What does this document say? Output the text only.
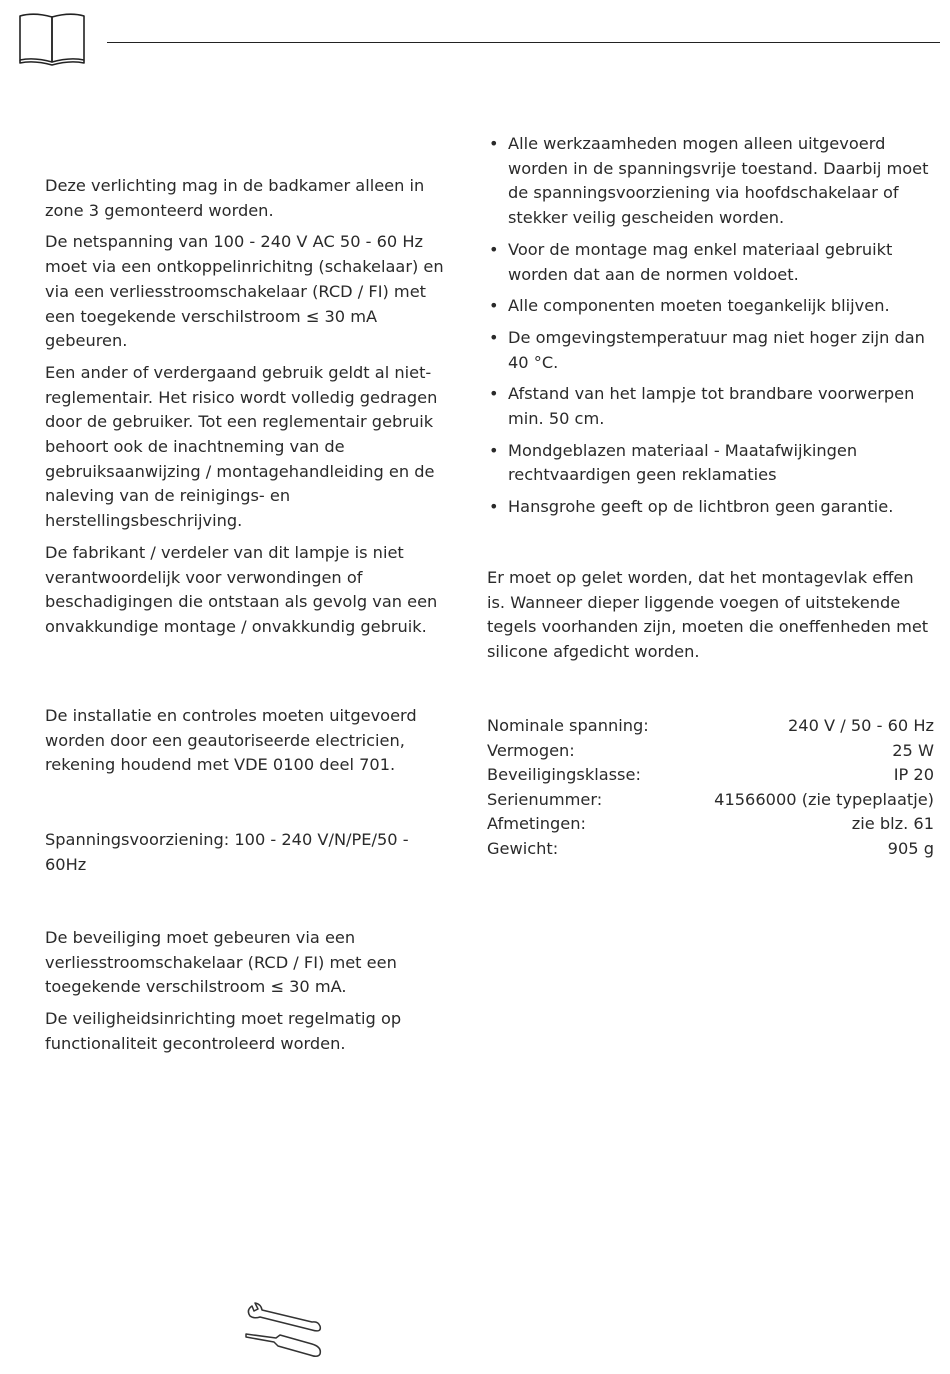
Deze verlichting mag in de badkamer alleen in zone 3 gemonteerd worden.

De netspanning van 100 - 240 V AC 50 - 60 Hz moet via een ontkoppelinrichitng (schakelaar) en via een verliesstroomschakelaar (RCD / FI) met een toegekende verschilstroom ≤ 30 mA gebeuren.

Een ander of verdergaand gebruik geldt al niet-reglementair. Het risico wordt volledig gedragen door de gebruiker. Tot een reglementair gebruik behoort ook de inachtneming van de gebruiksaanwijzing / montagehandleiding en de naleving van de reinigings- en herstellingsbeschrijving.

De fabrikant / verdeler van dit lampje is niet verantwoordelijk voor verwondingen of beschadigingen die ontstaan als gevolg van een onvakkundige montage / onvakkundig gebruik.

De installatie en controles moeten uitgevoerd worden door een geautoriseerde electricien, rekening houdend met VDE 0100 deel 701.

Spanningsvoorziening: 100 - 240 V/N/PE/50 - 60Hz

De beveiliging moet gebeuren via een verliesstroomschakelaar (RCD / FI) met een toegekende verschilstroom ≤ 30 mA.

De veiligheidsinrichting moet regelmatig op functionaliteit gecontroleerd worden.

• Alle werkzaamheden mogen alleen uitgevoerd worden in de spanningsvrije toestand. Daarbij moet de spanningsvoorziening via hoofdschakelaar of stekker veilig gescheiden worden.
• Voor de montage mag enkel materiaal gebruikt worden dat aan de normen voldoet.
• Alle componenten moeten toegankelijk blijven.
• De omgevingstemperatuur mag niet hoger zijn dan 40 °C.
• Afstand van het lampje tot brandbare voorwerpen min. 50 cm.
• Mondgeblazen materiaal - Maatafwijkingen rechtvaardigen geen reklamaties
• Hansgrohe geeft op de lichtbron geen garantie.

Er moet op gelet worden, dat het montagevlak effen is. Wanneer dieper liggende voegen of uitstekende tegels voorhanden zijn, moeten die oneffenheden met silicone afgedicht worden.

Nominale spanning:	240 V / 50 - 60 Hz
Vermogen:	25 W
Beveiligingsklasse:	IP 20
Serienummer:	41566000 (zie typeplaatje)
Afmetingen:	zie blz. 61
Gewicht:	905 g
